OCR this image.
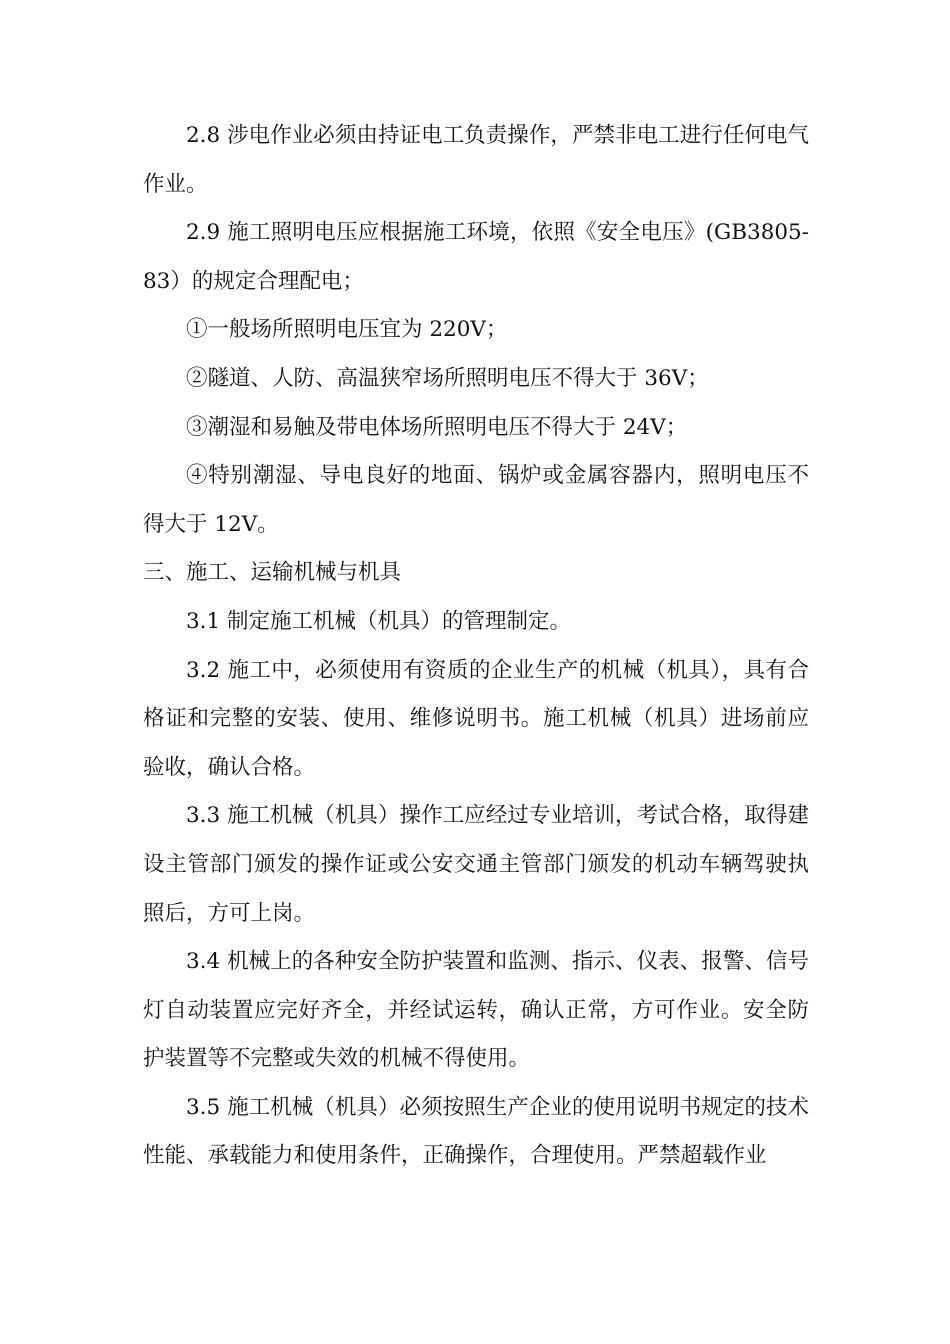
2.8 涉电作业必须由持证电工负责操作，严禁非电工进行任何电气作业。

2.9 施工照明电压应根据施工环境，依照《安全电压》(GB3805-83）的规定合理配电；

①一般场所照明电压宜为 220V；

②隧道、人防、高温狭窄场所照明电压不得大于 36V；

③潮湿和易触及带电体场所照明电压不得大于 24V；

④特别潮湿、导电良好的地面、锅炉或金属容器内，照明电压不得大于 12V。

三、施工、运输机械与机具

3.1 制定施工机械（机具）的管理制定。

3.2 施工中，必须使用有资质的企业生产的机械（机具），具有合格证和完整的安装、使用、维修说明书。施工机械（机具）进场前应验收，确认合格。

3.3 施工机械（机具）操作工应经过专业培训，考试合格，取得建设主管部门颁发的操作证或公安交通主管部门颁发的机动车辆驾驶执照后，方可上岗。

3.4 机械上的各种安全防护装置和监测、指示、仪表、报警、信号灯自动装置应完好齐全，并经试运转，确认正常，方可作业。安全防护装置等不完整或失效的机械不得使用。

3.5 施工机械（机具）必须按照生产企业的使用说明书规定的技术性能、承载能力和使用条件，正确操作，合理使用。严禁超载作业
